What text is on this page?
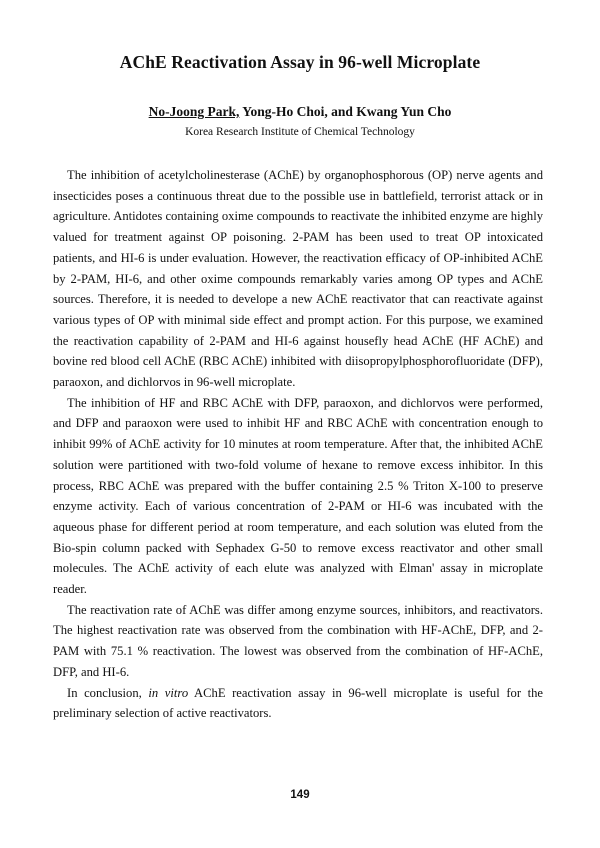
AChE Reactivation Assay in 96-well Microplate
No-Joong Park, Yong-Ho Choi, and Kwang Yun Cho
Korea Research Institute of Chemical Technology

The inhibition of acetylcholinesterase (AChE) by organophosphorous (OP) nerve agents and insecticides poses a continuous threat due to the possible use in battlefield, terrorist attack or in agriculture. Antidotes containing oxime compounds to reactivate the inhibited enzyme are highly valued for treatment against OP poisoning. 2-PAM has been used to treat OP intoxicated patients, and HI-6 is under evaluation. However, the reactivation efficacy of OP-inhibited AChE by 2-PAM, HI-6, and other oxime compounds remarkably varies among OP types and AChE sources. Therefore, it is needed to develope a new AChE reactivator that can reactivate against various types of OP with minimal side effect and prompt action. For this purpose, we examined the reactivation capability of 2-PAM and HI-6 against housefly head AChE (HF AChE) and bovine red blood cell AChE (RBC AChE) inhibited with diisopropylphosphorofluoridate (DFP), paraoxon, and dichlorvos in 96-well microplate.

The inhibition of HF and RBC AChE with DFP, paraoxon, and dichlorvos were performed, and DFP and paraoxon were used to inhibit HF and RBC AChE with concentration enough to inhibit 99% of AChE activity for 10 minutes at room temperature. After that, the inhibited AChE solution were partitioned with two-fold volume of hexane to remove excess inhibitor. In this process, RBC AChE was prepared with the buffer containing 2.5 % Triton X-100 to preserve enzyme activity. Each of various concentration of 2-PAM or HI-6 was incubated with the aqueous phase for different period at room temperature, and each solution was eluted from the Bio-spin column packed with Sephadex G-50 to remove excess reactivator and other small molecules. The AChE activity of each elute was analyzed with Elman' assay in microplate reader.

The reactivation rate of AChE was differ among enzyme sources, inhibitors, and reactivators. The highest reactivation rate was observed from the combination with HF-AChE, DFP, and 2-PAM with 75.1 % reactivation. The lowest was observed from the combination of HF-AChE, DFP, and HI-6.

In conclusion, in vitro AChE reactivation assay in 96-well microplate is useful for the preliminary selection of active reactivators.

149
